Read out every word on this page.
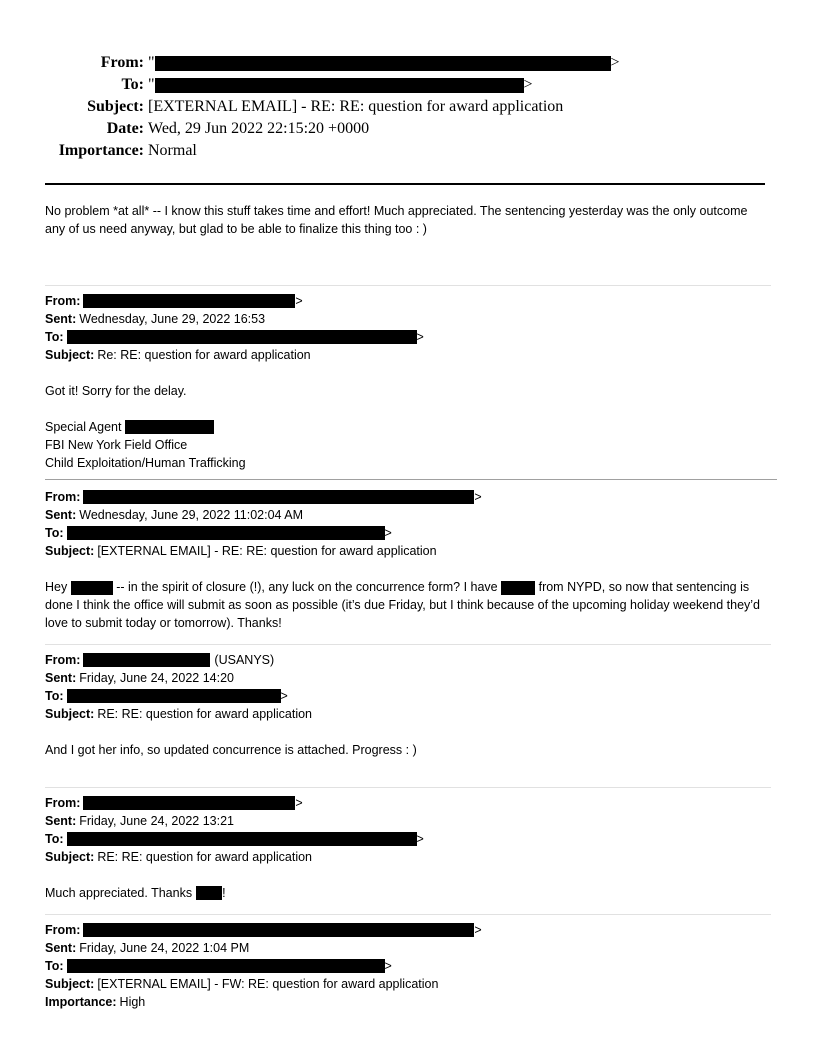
From: "	>
To: "	>
Subject: [EXTERNAL EMAIL] - RE: RE: question for award application
Date: Wed, 29 Jun 2022 22:15:20 +0000
Importance: Normal

No problem *at all* -- I know this stuff takes time and effort! Much appreciated. The sentencing yesterday was the only outcome any of us need anyway, but glad to be able to finalize this thing too : )

From:	>
Sent: Wednesday, June 29, 2022 16:53
To:	>
Subject: Re: RE: question for award application

Got it! Sorry for the delay.

Special Agent
FBI New York Field Office
Child Exploitation/Human Trafficking
From:	>
Sent: Wednesday, June 29, 2022 11:02:04 AM
To:	>
Subject: [EXTERNAL EMAIL] - RE: RE: question for award application

Hey	-- in the spirit of closure (!), any luck on the concurrence form? I have	from NYPD, so now that sentencing is done I think the office will submit as soon as possible (it’s due Friday, but I think because of the upcoming holiday weekend they’d love to submit today or tomorrow). Thanks!

From:	(USANYS)
Sent: Friday, June 24, 2022 14:20
To:	>
Subject: RE: RE: question for award application

And I got her info, so updated concurrence is attached. Progress : )

From:	>
Sent: Friday, June 24, 2022 13:21
To:	>
Subject: RE: RE: question for award application
Much appreciated. Thanks !
From:	>
Sent: Friday, June 24, 2022 1:04 PM
To:	>
Subject: [EXTERNAL EMAIL] - FW: RE: question for award application
Importance: High
